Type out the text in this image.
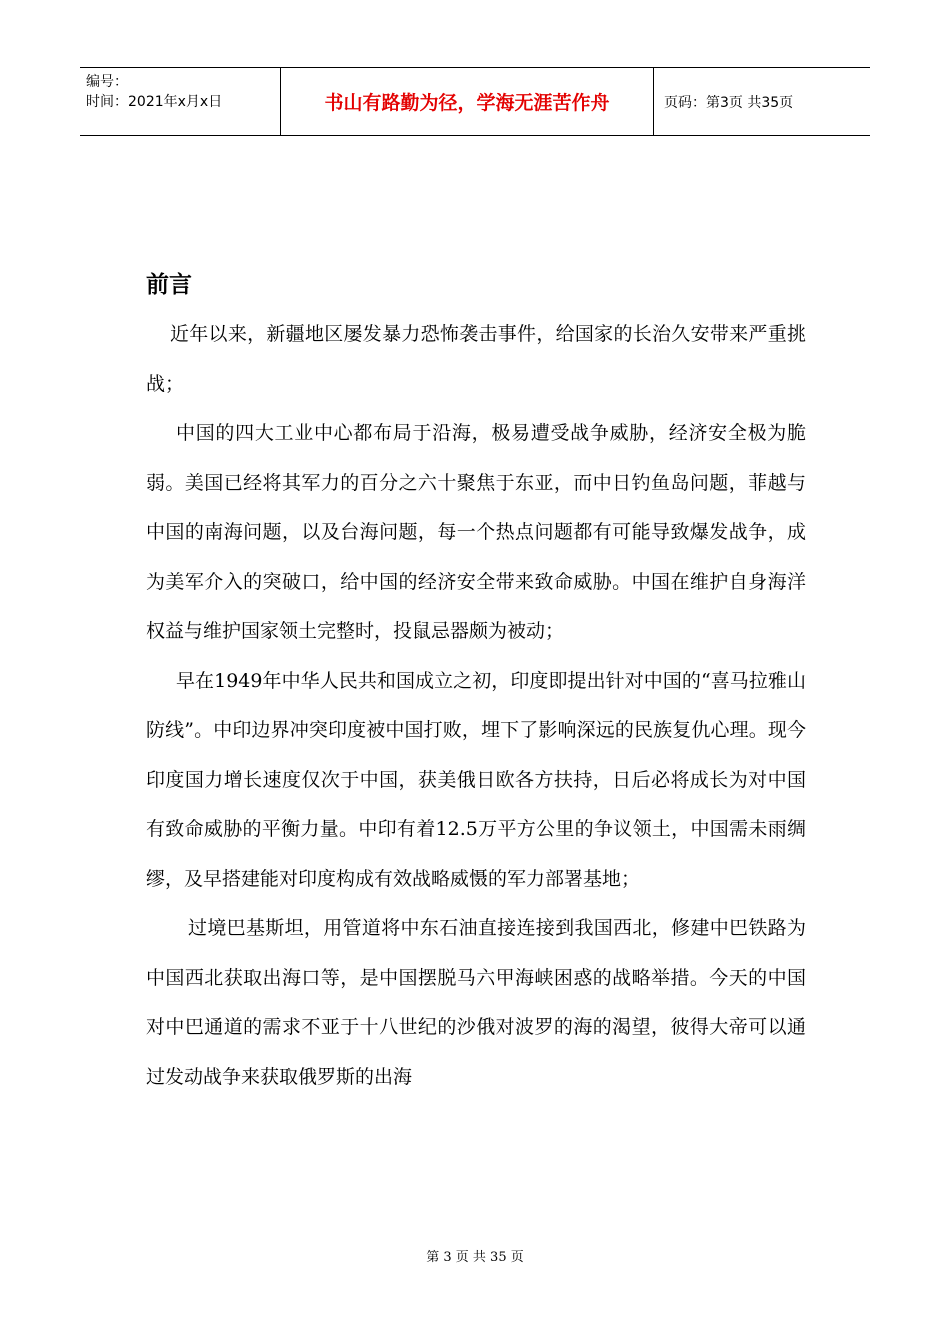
编号：
时间：2021年x月x日	书山有路勤为径，学海无涯苦作舟	页码：第3页 共35页
前言

近年以来，新疆地区屡发暴力恐怖袭击事件，给国家的长治久安带来严重挑战；

中国的四大工业中心都布局于沿海，极易遭受战争威胁，经济安全极为脆弱。美国已经将其军力的百分之六十聚焦于东亚，而中日钓鱼岛问题，菲越与中国的南海问题，以及台海问题，每一个热点问题都有可能导致爆发战争，成为美军介入的突破口，给中国的经济安全带来致命威胁。中国在维护自身海洋权益与维护国家领土完整时，投鼠忌器颇为被动；

早在1949年中华人民共和国成立之初，印度即提出针对中国的“喜马拉雅山防线”。中印边界冲突印度被中国打败，埋下了影响深远的民族复仇心理。现今印度国力增长速度仅次于中国，获美俄日欧各方扶持，日后必将成长为对中国有致命威胁的平衡力量。中印有着12.5万平方公里的争议领土，中国需未雨绸缪，及早搭建能对印度构成有效战略威慑的军力部署基地；

过境巴基斯坦，用管道将中东石油直接连接到我国西北，修建中巴铁路为中国西北获取出海口等，是中国摆脱马六甲海峡困惑的战略举措。今天的中国对中巴通道的需求不亚于十八世纪的沙俄对波罗的海的渴望，彼得大帝可以通过发动战争来获取俄罗斯的出海

第 3 页 共 35 页
